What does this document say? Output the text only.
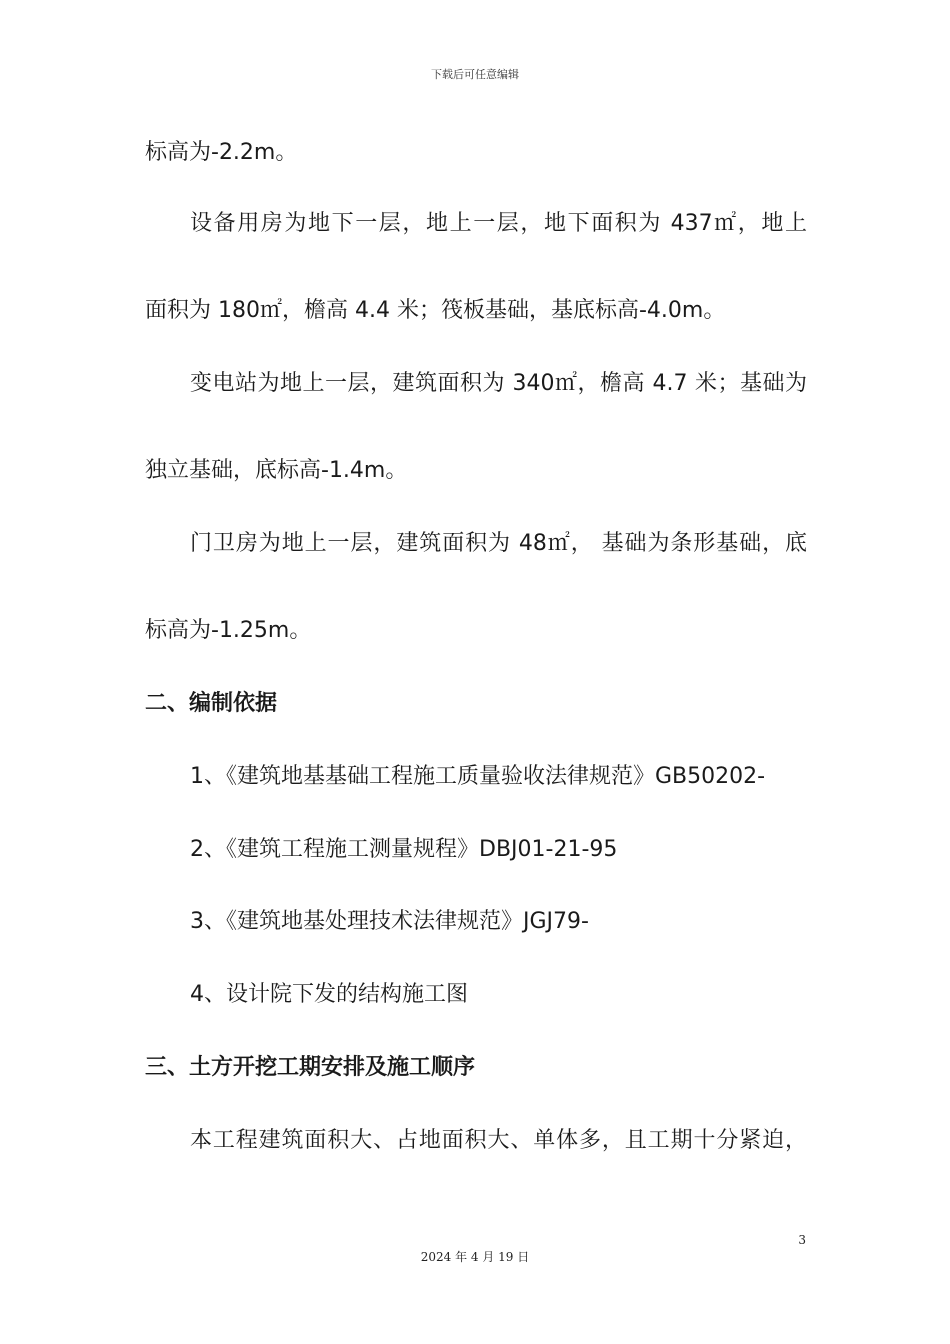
下载后可任意编辑
标高为-2.2m。
设备用房为地下一层，地上一层，地下面积为 437㎡，地上
面积为 180㎡，檐高 4.4 米；筏板基础，基底标高-4.0m。
变电站为地上一层，建筑面积为 340㎡，檐高 4.7 米；基础为
独立基础，底标高-1.4m。
门卫房为地上一层，建筑面积为 48㎡， 基础为条形基础，底
标高为-1.25m。
二、编制依据
1、《建筑地基基础工程施工质量验收法律规范》GB50202-
2、《建筑工程施工测量规程》DBJ01-21-95
3、《建筑地基处理技术法律规范》JGJ79-
4、设计院下发的结构施工图
三、土方开挖工期安排及施工顺序
本工程建筑面积大、占地面积大、单体多，且工期十分紧迫，
3
2024 年 4 月 19 日
